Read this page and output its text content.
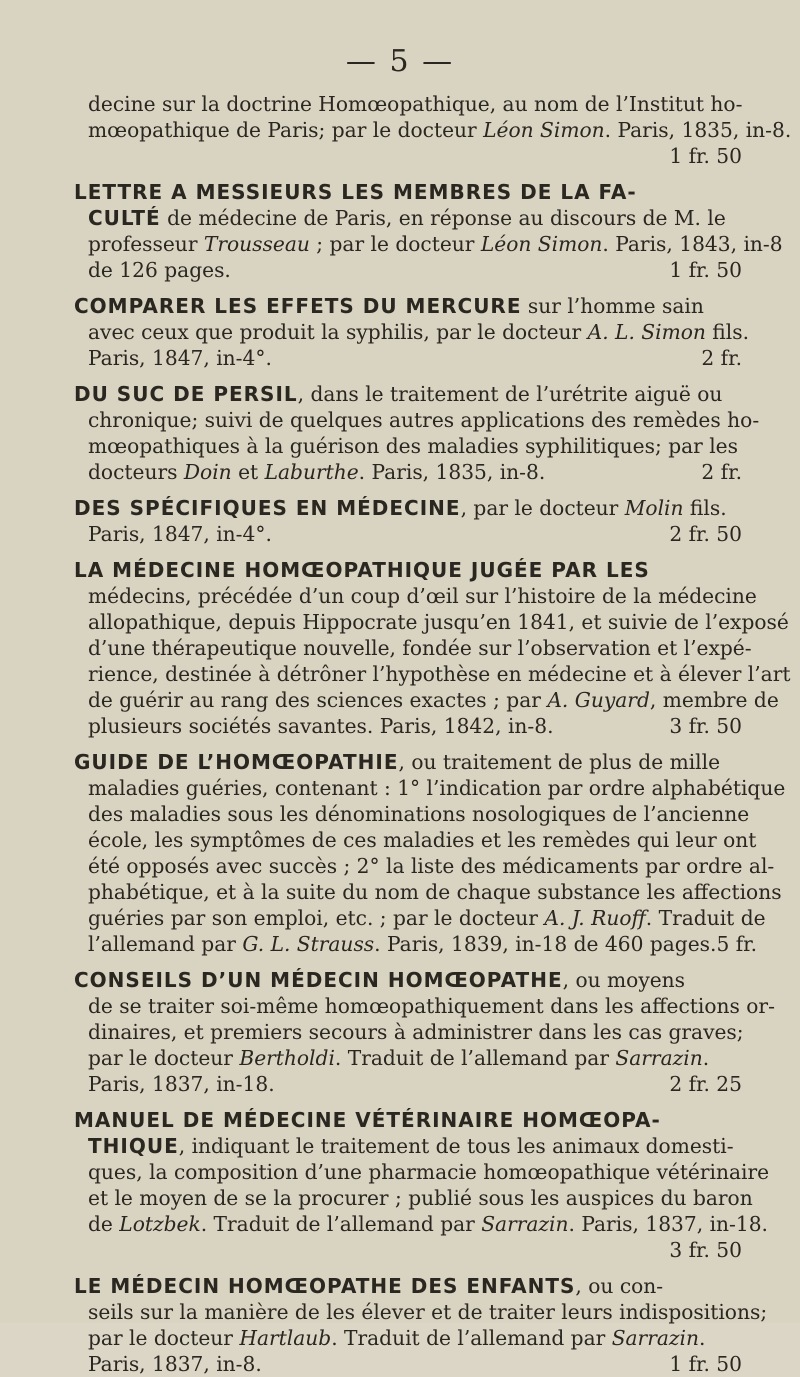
— 5 —
decine sur la doctrine Homœopathique, au nom de l’Institut ho-
mœopathique de Paris; par le docteur Léon Simon. Paris, 1835, in-8.
1 fr. 50
LETTRE A MESSIEURS LES MEMBRES DE LA FA-
CULTÉ de médecine de Paris, en réponse au discours de M. le
professeur Trousseau ; par le docteur Léon Simon. Paris, 1843, in-8
de 126 pages.	1 fr. 50
COMPARER LES EFFETS DU MERCURE sur l’homme sain
avec ceux que produit la syphilis, par le docteur A. L. Simon fils.
Paris, 1847, in-4°.	2 fr.
DU SUC DE PERSIL, dans le traitement de l’urétrite aiguë ou
chronique; suivi de quelques autres applications des remèdes ho-
mœopathiques à la guérison des maladies syphilitiques; par les
docteurs Doin et Laburthe. Paris, 1835, in-8.	2 fr.
DES SPÉCIFIQUES EN MÉDECINE, par le docteur Molin fils.
Paris, 1847, in-4°.	2 fr. 50
LA MÉDECINE HOMŒOPATHIQUE JUGÉE PAR LES
médecins, précédée d’un coup d’œil sur l’histoire de la médecine
allopathique, depuis Hippocrate jusqu’en 1841, et suivie de l’exposé
d’une thérapeutique nouvelle, fondée sur l’observation et l’expé-
rience, destinée à détrôner l’hypothèse en médecine et à élever l’art
de guérir au rang des sciences exactes ; par A. Guyard, membre de
plusieurs sociétés savantes. Paris, 1842, in-8.	3 fr. 50
GUIDE DE L’HOMŒOPATHIE, ou traitement de plus de mille
maladies guéries, contenant : 1° l’indication par ordre alphabétique
des maladies sous les dénominations nosologiques de l’ancienne
école, les symptômes de ces maladies et les remèdes qui leur ont
été opposés avec succès ; 2° la liste des médicaments par ordre al-
phabétique, et à la suite du nom de chaque substance les affections
guéries par son emploi, etc. ; par le docteur A. J. Ruoff. Traduit de
l’allemand par G. L. Strauss. Paris, 1839, in-18 de 460 pages. 5 fr.
CONSEILS D’UN MÉDECIN HOMŒOPATHE, ou moyens
de se traiter soi-même homœopathiquement dans les affections or-
dinaires, et premiers secours à administrer dans les cas graves;
par le docteur Bertholdi. Traduit de l’allemand par Sarrazin.
Paris, 1837, in-18.	2 fr. 25
MANUEL DE MÉDECINE VÉTÉRINAIRE HOMŒOPA-
THIQUE, indiquant le traitement de tous les animaux domesti-
ques, la composition d’une pharmacie homœopathique vétérinaire
et le moyen de se la procurer ; publié sous les auspices du baron
de Lotzbek. Traduit de l’allemand par Sarrazin. Paris, 1837, in-18.
3 fr. 50
LE MÉDECIN HOMŒOPATHE DES ENFANTS, ou con-
seils sur la manière de les élever et de traiter leurs indispositions;
par le docteur Hartlaub. Traduit de l’allemand par Sarrazin.
Paris, 1837, in-8.	1 fr. 50
